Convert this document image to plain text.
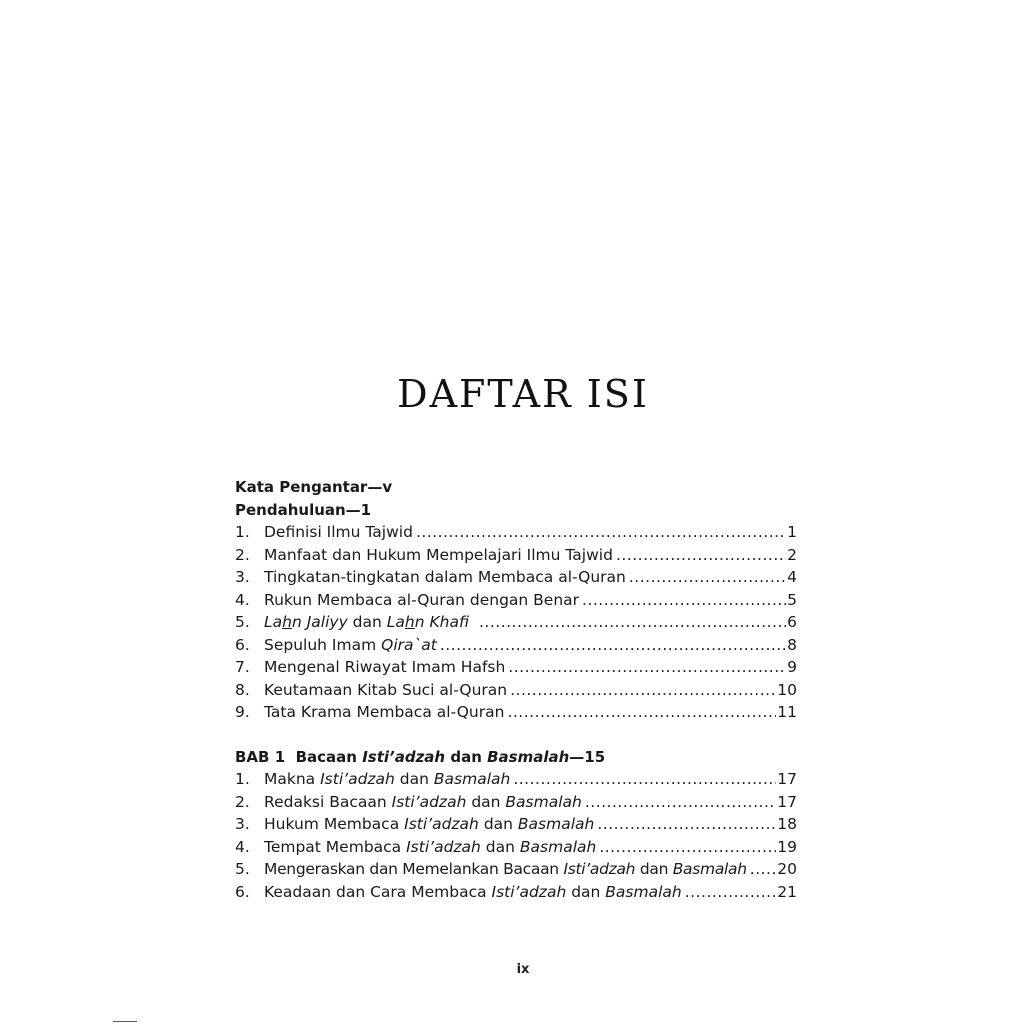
DAFTAR ISI
Kata Pengantar—v
Pendahuluan—1
1. Definisi Ilmu Tajwid .....	1
2. Manfaat dan Hukum Mempelajari Ilmu Tajwid .....	2
3. Tingkatan-tingkatan dalam Membaca al-Quran .....	4
4. Rukun Membaca al-Quran dengan Benar .....	5
5. Lahn Jaliyy dan Lahn Khafi .....	6
6. Sepuluh Imam Qira`at .....	8
7. Mengenal Riwayat Imam Hafsh .....	9
8. Keutamaan Kitab Suci al-Quran .....	10
9. Tata Krama Membaca al-Quran .....	11
BAB 1 Bacaan Isti’adzah dan Basmalah—15
1. Makna Isti’adzah dan Basmalah .....	17
2. Redaksi Bacaan Isti’adzah dan Basmalah .....	17
3. Hukum Membaca Isti’adzah dan Basmalah .....	18
4. Tempat Membaca Isti’adzah dan Basmalah .....	19
5. Mengeraskan dan Memelankan Bacaan Isti’adzah dan Basmalah ..... 20
6. Keadaan dan Cara Membaca Isti’adzah dan Basmalah .....	21
ix
